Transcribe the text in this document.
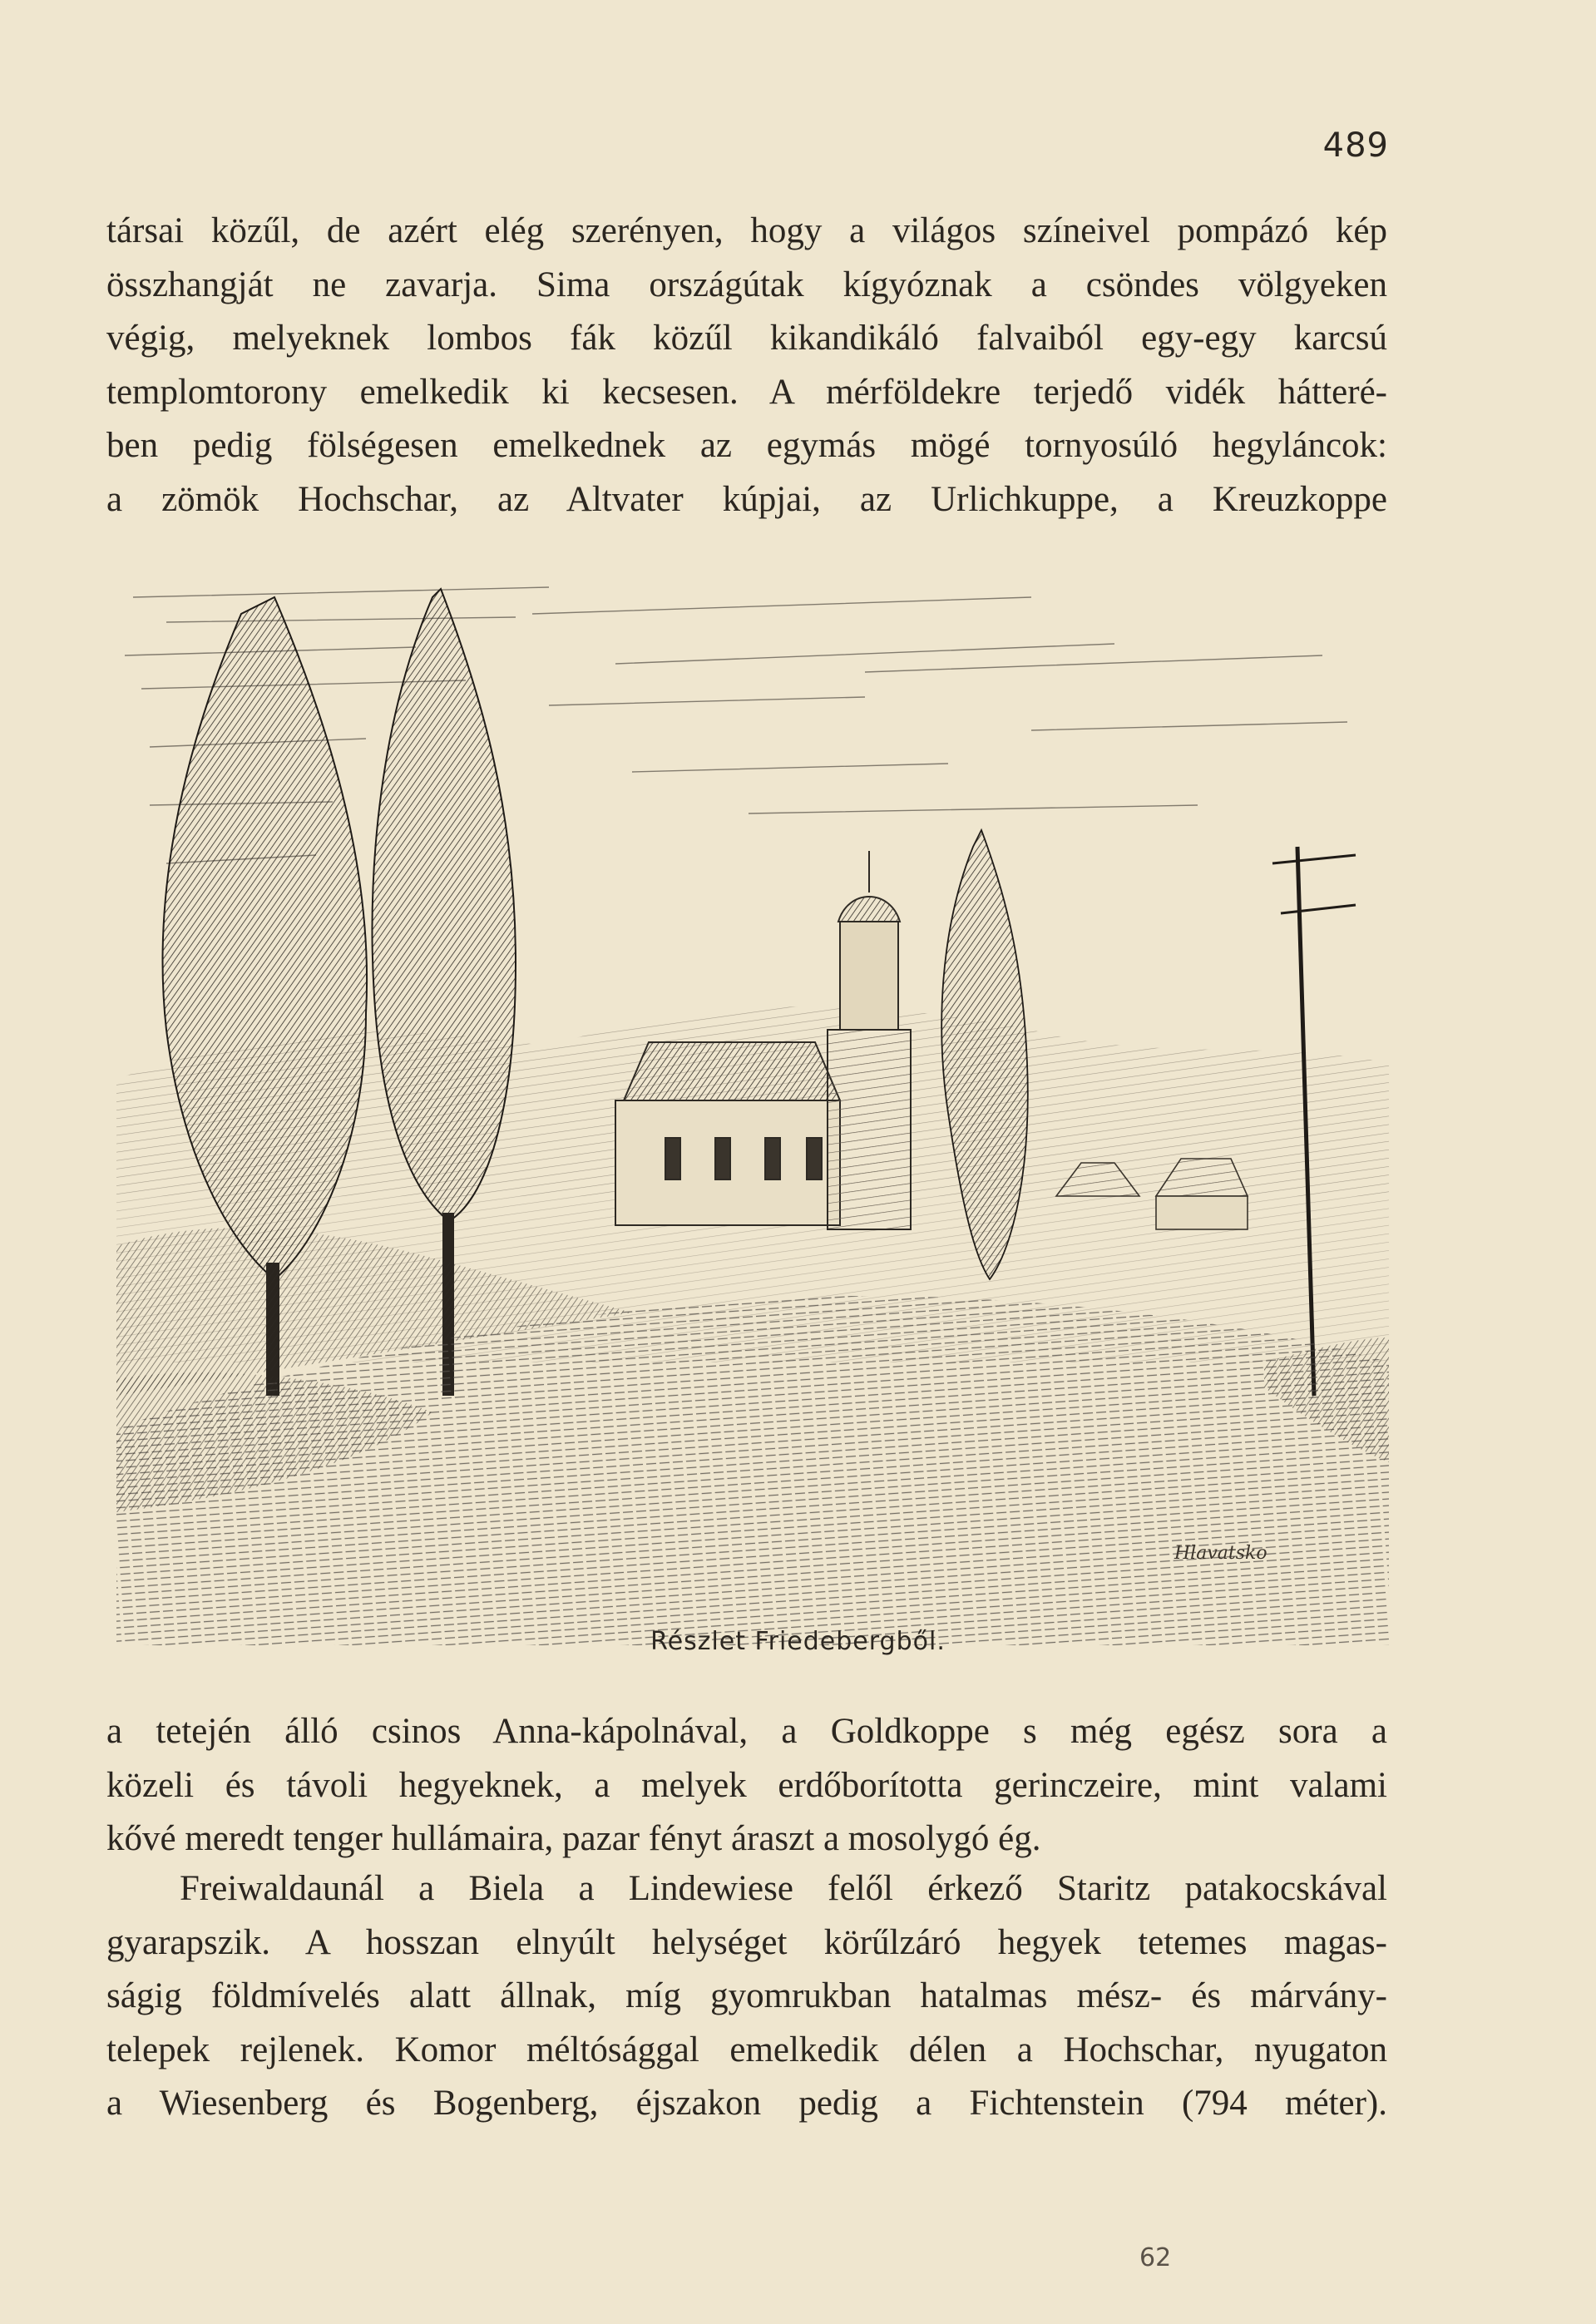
489
társai közűl, de azért elég szerényen, hogy a világos színeivel pompázó kép
összhangját ne zavarja. Sima országútak kígyóznak a csöndes völgyeken
végig, melyeknek lombos fák közűl kikandikáló falvaiból egy-egy karcsú
templomtorony emelkedik ki kecsesen. A mérföldekre terjedő vidék hátteré-
ben pedig fölségesen emelkednek az egymás mögé tornyosúló hegyláncok:
a zömök Hochschar, az Altvater kúpjai, az Urlichkuppe, a Kreuzkoppe
Hlavatsko
Részlet Friedebergből.
a tetején álló csinos Anna-kápolnával, a Goldkoppe s még egész sora a
közeli és távoli hegyeknek, a melyek erdőborította gerinczeire, mint valami
kővé meredt tenger hullámaira, pazar fényt áraszt a mosolygó ég.
Freiwaldaunál a Biela a Lindewiese felől érkező Staritz patakocskával
gyarapszik. A hosszan elnyúlt helységet körűlzáró hegyek tetemes magas-
ságig földmívelés alatt állnak, míg gyomrukban hatalmas mész- és márvány-
telepek rejlenek. Komor méltósággal emelkedik délen a Hochschar, nyugaton
a Wiesenberg és Bogenberg, éjszakon pedig a Fichtenstein (794 méter).
62
